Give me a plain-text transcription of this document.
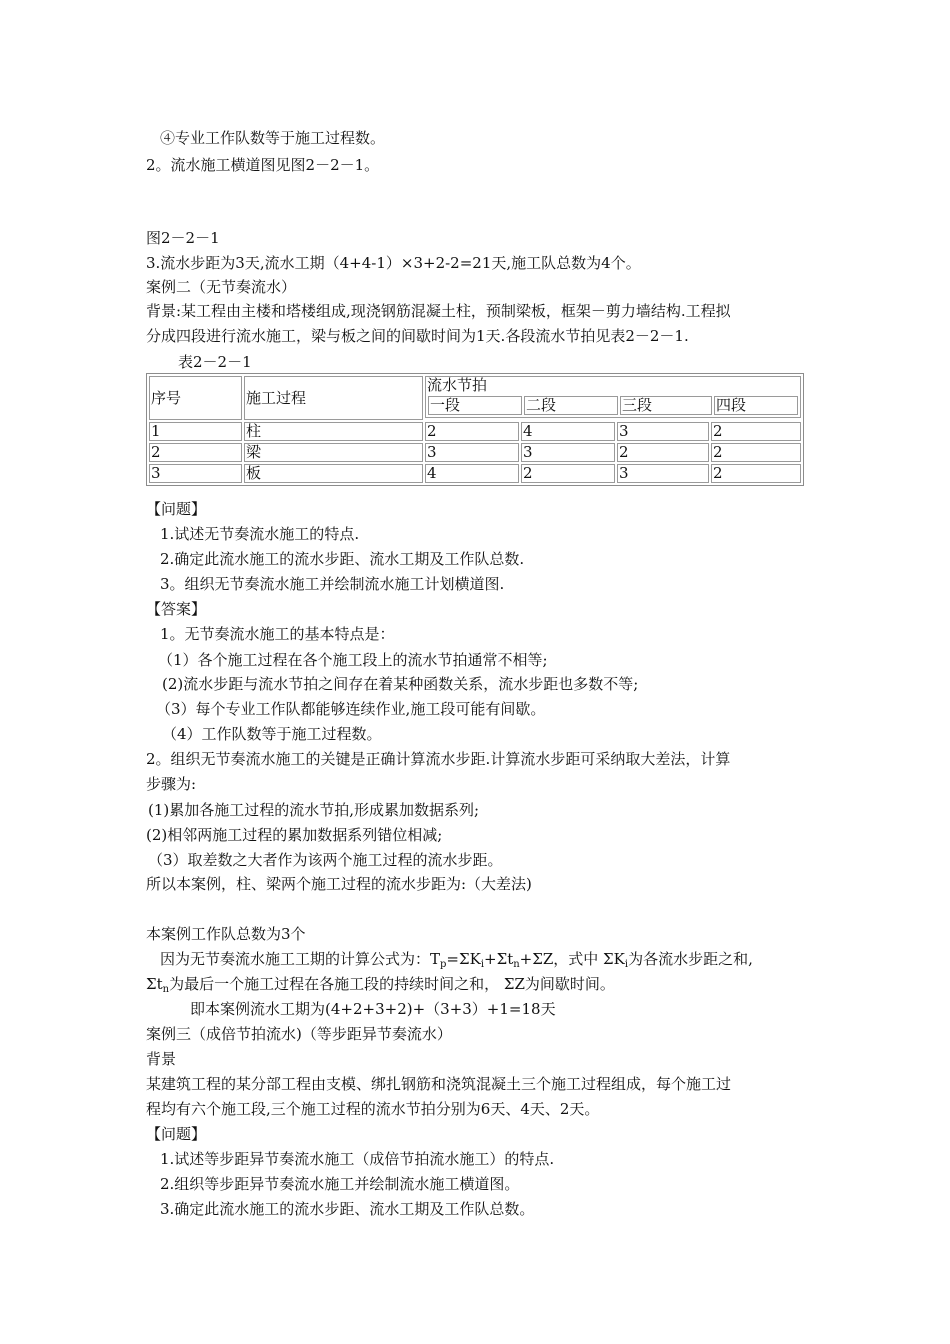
④专业工作队数等于施工过程数。
2。流水施工横道图见图2－2－1。
图2－2－1
3.流水步距为3天,流水工期（4+4-1）×3+2-2=21天,施工队总数为4个。
案例二（无节奏流水）
背景:某工程由主楼和塔楼组成,现浇钢筋混凝土柱，预制梁板，框架－剪力墙结构.工程拟
分成四段进行流水施工，梁与板之间的间歇时间为1天.各段流水节拍见表2－2－1.
表2－2－1
序号	施工过程	
流水节拍
一段	二段	三段	四段

1	柱	2	4	3	2
2	梁	3	3	2	2
3	板	4	2	3	2
【问题】
1.试述无节奏流水施工的特点.
2.确定此流水施工的流水步距、流水工期及工作队总数.
3。组织无节奏流水施工并绘制流水施工计划横道图.
【答案】
1。无节奏流水施工的基本特点是：
（1）各个施工过程在各个施工段上的流水节拍通常不相等;
(2)流水步距与流水节拍之间存在着某种函数关系，流水步距也多数不等;
（3）每个专业工作队都能够连续作业,施工段可能有间歇。
（4）工作队数等于施工过程数。
2。组织无节奏流水施工的关键是正确计算流水步距.计算流水步距可采纳取大差法，计算
步骤为:
(1)累加各施工过程的流水节拍,形成累加数据系列;
(2)相邻两施工过程的累加数据系列错位相减;
（3）取差数之大者作为该两个施工过程的流水步距。
所以本案例，柱、梁两个施工过程的流水步距为:（大差法)
本案例工作队总数为3个
因为无节奏流水施工工期的计算公式为：$T_p=\Sigma K_i+\Sigma t_n+\Sigma Z$，式中 $\Sigma K_i$为各流水步距之和,
$\Sigma t_n$为最后一个施工过程在各施工段的持续时间之和， ΣZ为间歇时间。
即本案例流水工期为(4+2+3+2)+（3+3）+1=18天
案例三（成倍节拍流水)（等步距异节奏流水）
背景
某建筑工程的某分部工程由支模、绑扎钢筋和浇筑混凝土三个施工过程组成，每个施工过
程均有六个施工段,三个施工过程的流水节拍分别为6天、4天、2天。
【问题】
1.试述等步距异节奏流水施工（成倍节拍流水施工）的特点.
2.组织等步距异节奏流水施工并绘制流水施工横道图。
3.确定此流水施工的流水步距、流水工期及工作队总数。
